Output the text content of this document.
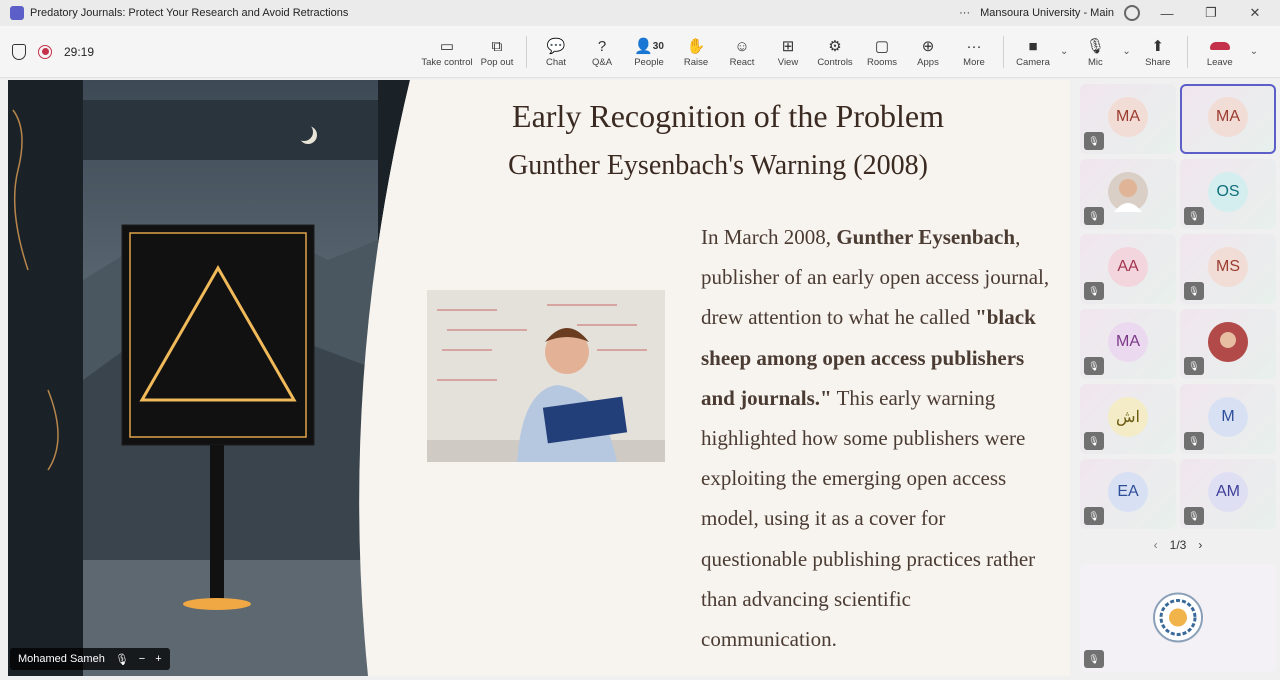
Predatory Journals: Protect Your Research and Avoid Retractions	··· Mansoura University - Main	—	❐	✕
29:19	▭
Take control
⧉
Pop out
💬
Chat
?
Q&A
👤 30
People
✋
Raise
☺
React
⊞
View
⚙
Controls
▢
Rooms
⊕
Apps
···
More
■
Camera
⌄ 🎙
Mic
⌄ ⬆
Share	Leave
⌄
Early Recognition of the Problem
Gunther Eysenbach's Warning (2008)
In March 2008, Gunther Eysenbach, publisher of an early open access journal, drew attention to what he called "black sheep among open access publishers and journals." This early warning highlighted how some publishers were exploiting the emerging open access model, using it as a cover for questionable publishing practices rather than advancing scientific communication.
Mohamed Sameh 🎙 − +
MA
🎙
MA
🎙
OS
🎙
AA
🎙
MS
🎙
MA
🎙	🎙
اش
🎙
M
🎙
EA
🎙
AM
🎙
‹ 1/3 ›
🎙
